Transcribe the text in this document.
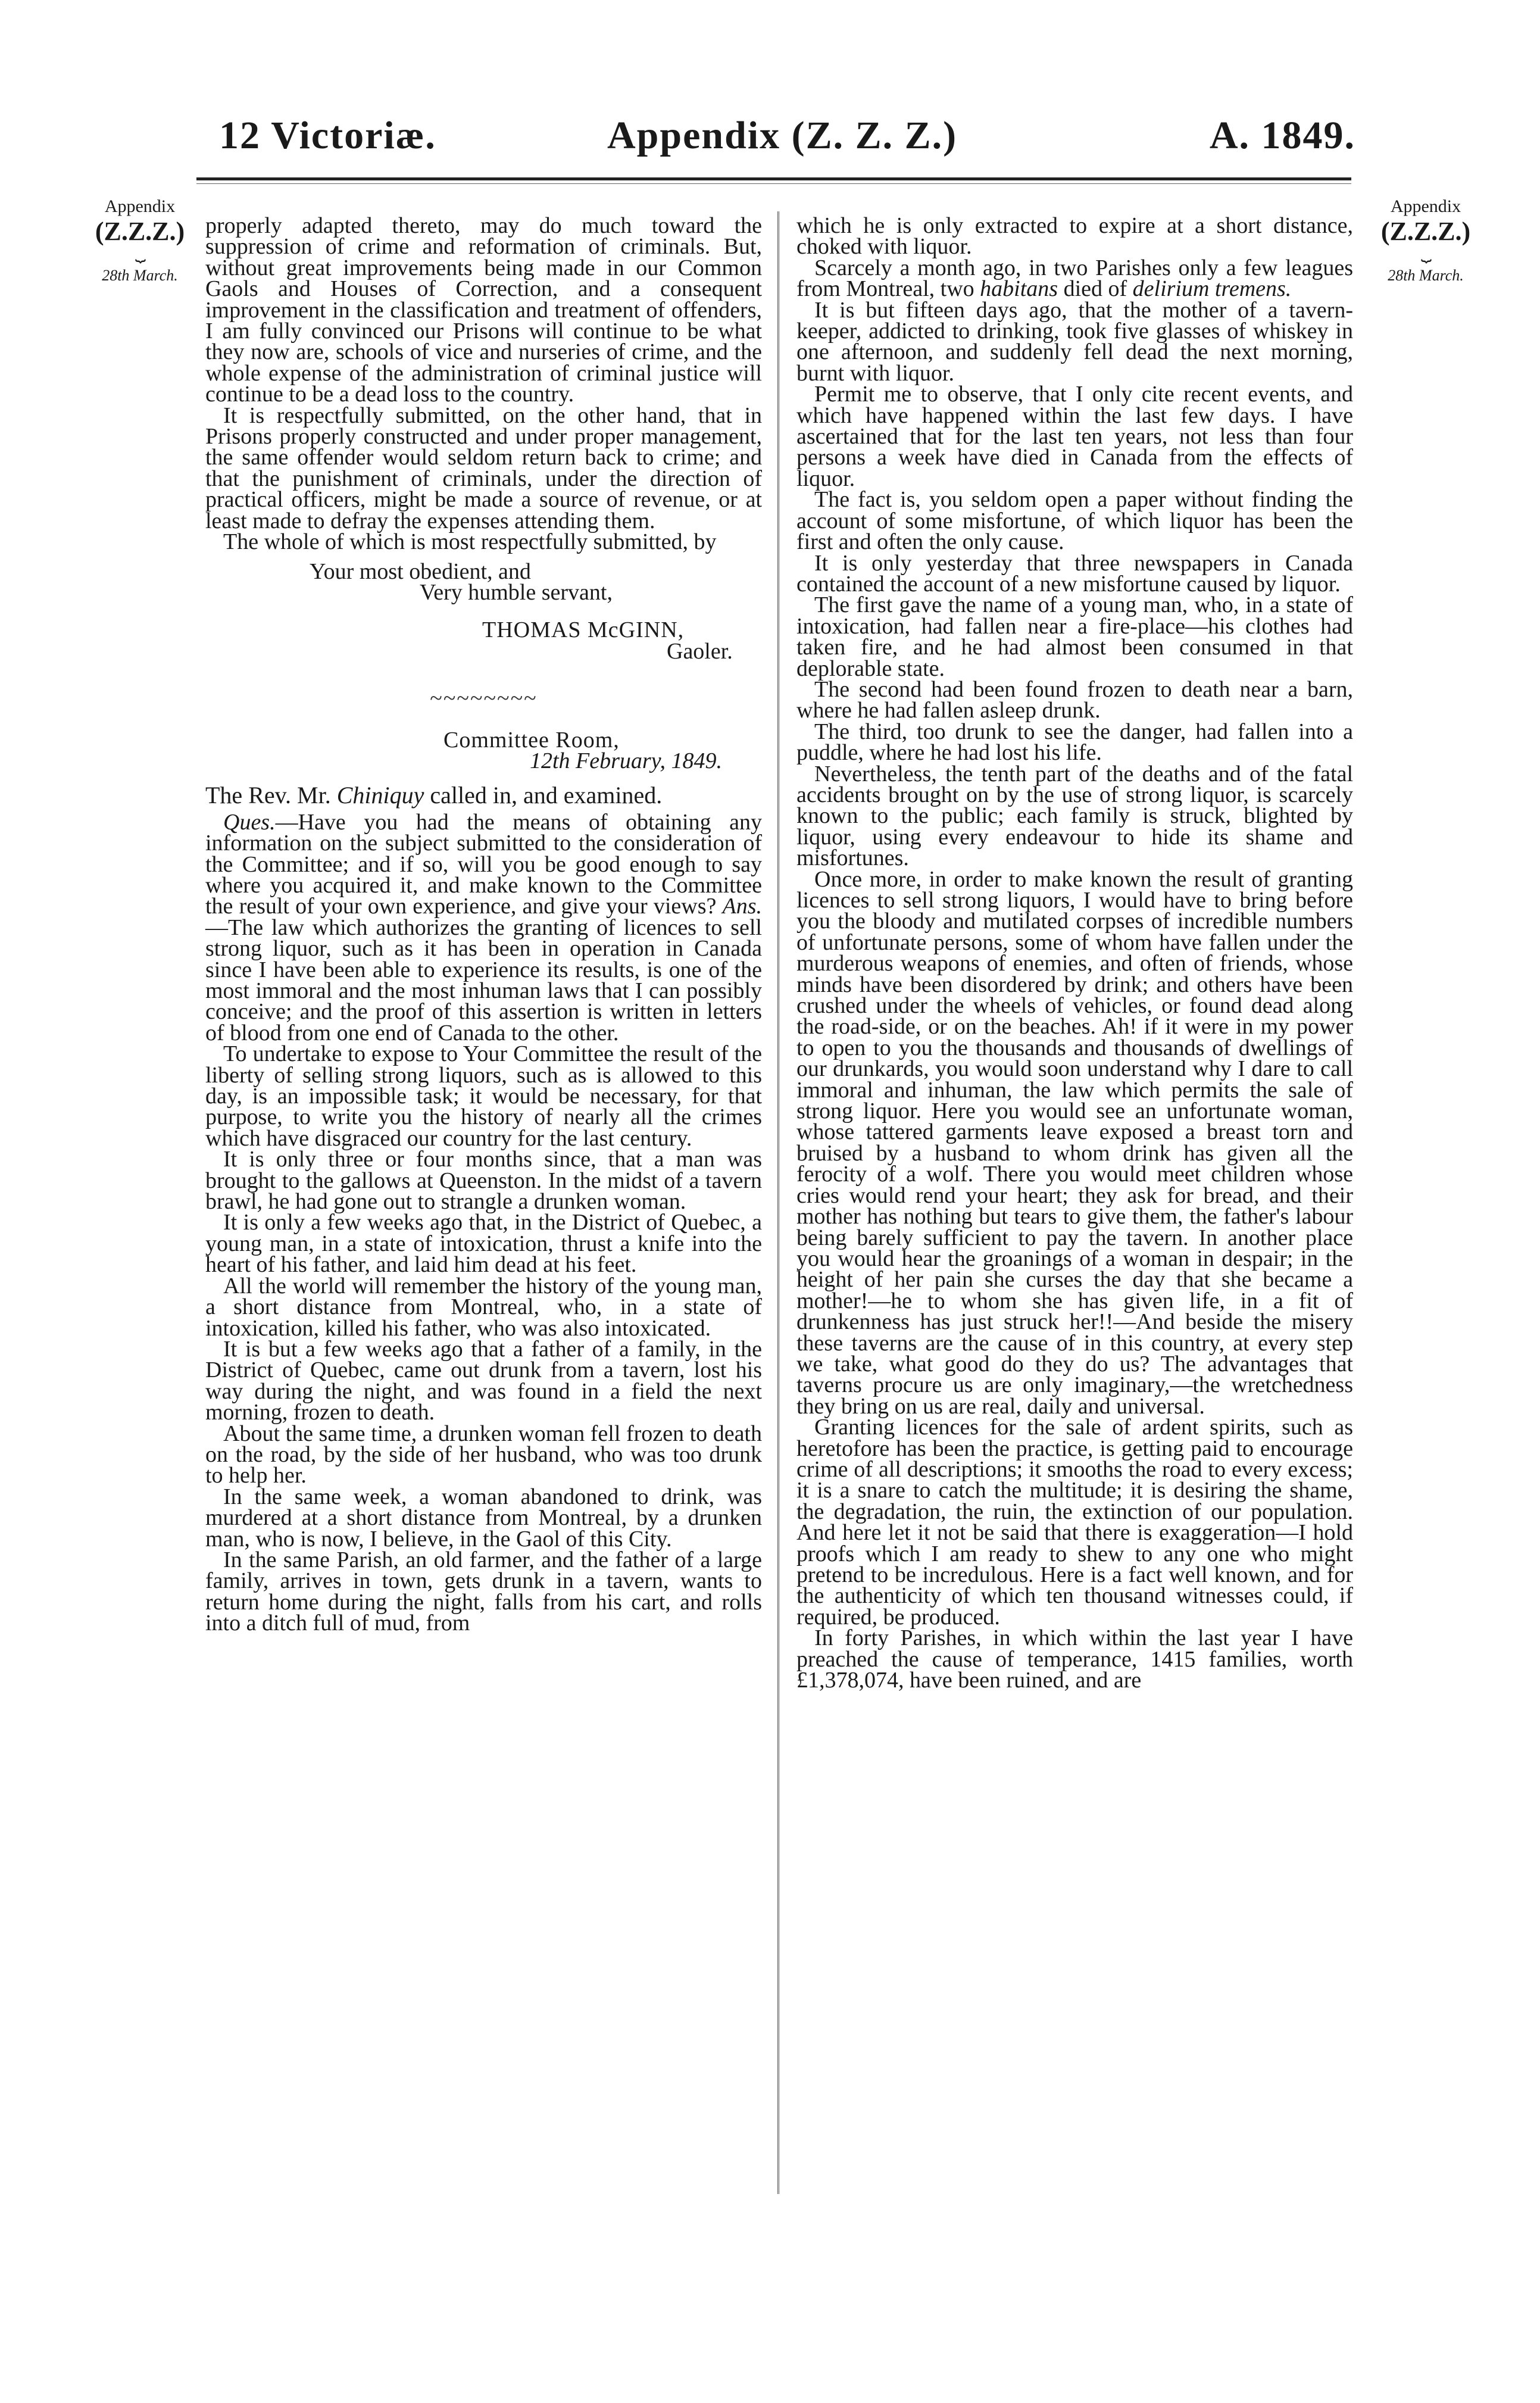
12 Victoriæ.	Appendix (Z. Z. Z.)	A. 1849.
Appendix
(Z.Z.Z.)
⏟
28th March.
Appendix
(Z.Z.Z.)
⏟
28th March.

properly adapted thereto, may do much toward the suppression of crime and reformation of criminals. But, without great improvements being made in our Common Gaols and Houses of Correction, and a consequent improvement in the classification and treatment of offenders, I am fully convinced our Prisons will continue to be what they now are, schools of vice and nurseries of crime, and the whole expense of the administration of criminal justice will continue to be a dead loss to the country.

It is respectfully submitted, on the other hand, that in Prisons properly constructed and under proper management, the same offender would seldom return back to crime; and that the punishment of criminals, under the direction of practical officers, might be made a source of revenue, or at least made to defray the expenses attending them.

The whole of which is most respectfully submitted, by

Your most obedient, and
Very humble servant,
THOMAS McGINN,
Gaoler.
~~~~~~~~
Committee Room,
12th February, 1849.
The Rev. Mr. Chiniquy called in, and examined.

Ques.—Have you had the means of obtaining any information on the subject submitted to the consideration of the Committee; and if so, will you be good enough to say where you acquired it, and make known to the Committee the result of your own experience, and give your views? Ans.—The law which authorizes the granting of licences to sell strong liquor, such as it has been in operation in Canada since I have been able to experience its results, is one of the most immoral and the most inhuman laws that I can possibly conceive; and the proof of this assertion is written in letters of blood from one end of Canada to the other.

To undertake to expose to Your Committee the result of the liberty of selling strong liquors, such as is allowed to this day, is an impossible task; it would be necessary, for that purpose, to write you the history of nearly all the crimes which have disgraced our country for the last century.

It is only three or four months since, that a man was brought to the gallows at Queenston. In the midst of a tavern brawl, he had gone out to strangle a drunken woman.

It is only a few weeks ago that, in the District of Quebec, a young man, in a state of intoxication, thrust a knife into the heart of his father, and laid him dead at his feet.

All the world will remember the history of the young man, a short distance from Montreal, who, in a state of intoxication, killed his father, who was also intoxicated.

It is but a few weeks ago that a father of a family, in the District of Quebec, came out drunk from a tavern, lost his way during the night, and was found in a field the next morning, frozen to death.

About the same time, a drunken woman fell frozen to death on the road, by the side of her husband, who was too drunk to help her.

In the same week, a woman abandoned to drink, was murdered at a short distance from Montreal, by a drunken man, who is now, I believe, in the Gaol of this City.

In the same Parish, an old farmer, and the father of a large family, arrives in town, gets drunk in a tavern, wants to return home during the night, falls from his cart, and rolls into a ditch full of mud, from

which he is only extracted to expire at a short distance, choked with liquor.

Scarcely a month ago, in two Parishes only a few leagues from Montreal, two habitans died of delirium tremens.

It is but fifteen days ago, that the mother of a tavern-keeper, addicted to drinking, took five glasses of whiskey in one afternoon, and suddenly fell dead the next morning, burnt with liquor.

Permit me to observe, that I only cite recent events, and which have happened within the last few days. I have ascertained that for the last ten years, not less than four persons a week have died in Canada from the effects of liquor.

The fact is, you seldom open a paper without finding the account of some misfortune, of which liquor has been the first and often the only cause.

It is only yesterday that three newspapers in Canada contained the account of a new misfortune caused by liquor.

The first gave the name of a young man, who, in a state of intoxication, had fallen near a fire-place—his clothes had taken fire, and he had almost been consumed in that deplorable state.

The second had been found frozen to death near a barn, where he had fallen asleep drunk.

The third, too drunk to see the danger, had fallen into a puddle, where he had lost his life.

Nevertheless, the tenth part of the deaths and of the fatal accidents brought on by the use of strong liquor, is scarcely known to the public; each family is struck, blighted by liquor, using every endeavour to hide its shame and misfortunes.

Once more, in order to make known the result of granting licences to sell strong liquors, I would have to bring before you the bloody and mutilated corpses of incredible numbers of unfortunate persons, some of whom have fallen under the murderous weapons of enemies, and often of friends, whose minds have been disordered by drink; and others have been crushed under the wheels of vehicles, or found dead along the road-side, or on the beaches. Ah! if it were in my power to open to you the thousands and thousands of dwellings of our drunkards, you would soon understand why I dare to call immoral and inhuman, the law which permits the sale of strong liquor. Here you would see an unfortunate woman, whose tattered garments leave exposed a breast torn and bruised by a husband to whom drink has given all the ferocity of a wolf. There you would meet children whose cries would rend your heart; they ask for bread, and their mother has nothing but tears to give them, the father's labour being barely sufficient to pay the tavern. In another place you would hear the groanings of a woman in despair; in the height of her pain she curses the day that she became a mother!—he to whom she has given life, in a fit of drunkenness has just struck her!!—And beside the misery these taverns are the cause of in this country, at every step we take, what good do they do us? The advantages that taverns procure us are only imaginary,—the wretchedness they bring on us are real, daily and universal.

Granting licences for the sale of ardent spirits, such as heretofore has been the practice, is getting paid to encourage crime of all descriptions; it smooths the road to every excess; it is a snare to catch the multitude; it is desiring the shame, the degradation, the ruin, the extinction of our population. And here let it not be said that there is exaggeration—I hold proofs which I am ready to shew to any one who might pretend to be incredulous. Here is a fact well known, and for the authenticity of which ten thousand witnesses could, if required, be produced.

In forty Parishes, in which within the last year I have preached the cause of temperance, 1415 families, worth £1,378,074, have been ruined, and are
